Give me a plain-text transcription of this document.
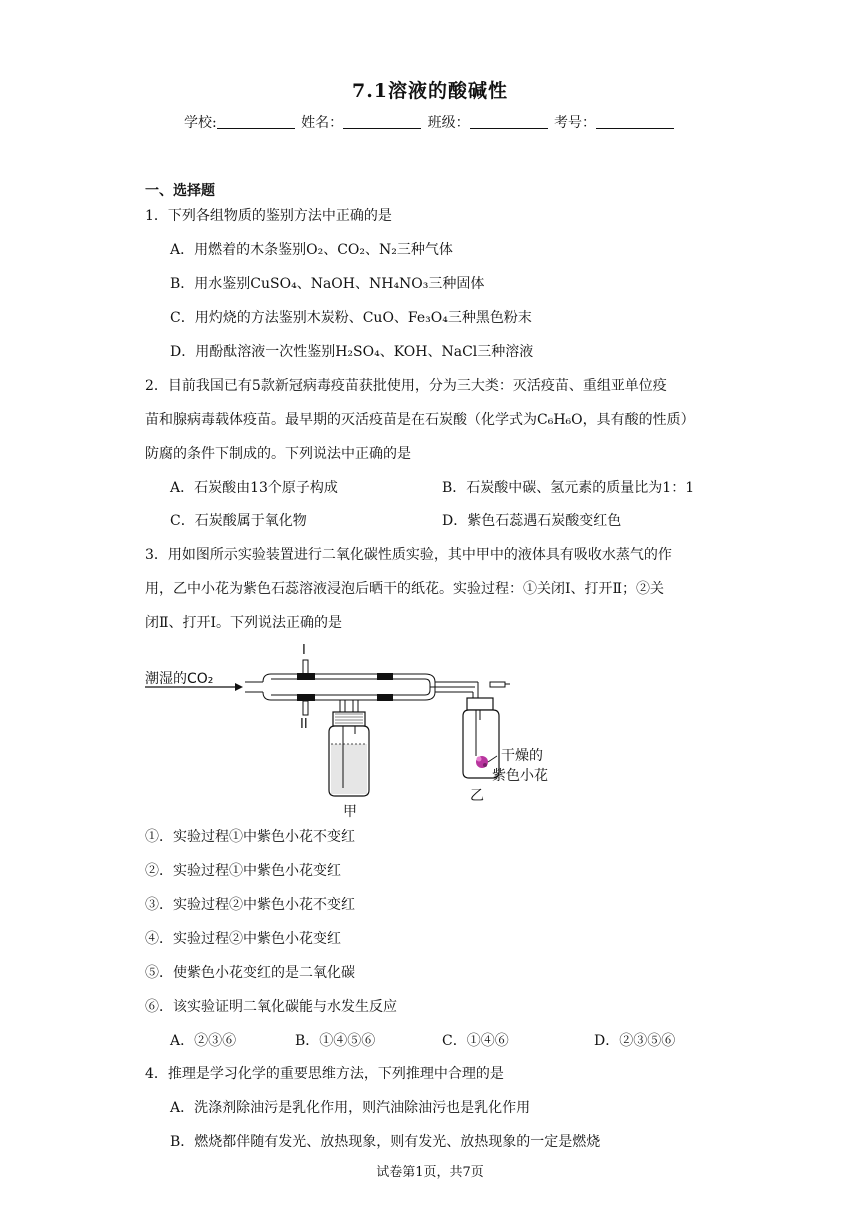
7.1溶液的酸碱性
学校:	姓名：	班级：	考号：
一、选择题
1．下列各组物质的鉴别方法中正确的是
A．用燃着的木条鉴别O₂、CO₂、N₂三种气体
B．用水鉴别CuSO₄、NaOH、NH₄NO₃三种固体
C．用灼烧的方法鉴别木炭粉、CuO、Fe₃O₄三种黑色粉末
D．用酚酞溶液一次性鉴别H₂SO₄、KOH、NaCl三种溶液
2．目前我国已有5款新冠病毒疫苗获批使用，分为三大类：灭活疫苗、重组亚单位疫
苗和腺病毒载体疫苗。最早期的灭活疫苗是在石炭酸（化学式为C₆H₆O，具有酸的性质）
防腐的条件下制成的。下列说法中正确的是
A．石炭酸由13个原子构成	B．石炭酸中碳、氢元素的质量比为1：1
C．石炭酸属于氧化物	D．紫色石蕊遇石炭酸变红色
3．用如图所示实验装置进行二氧化碳性质实验，其中甲中的液体具有吸收水蒸气的作
用，乙中小花为紫色石蕊溶液浸泡后晒干的纸花。实验过程：①关闭Ⅰ、打开Ⅱ；②关
闭Ⅱ、打开Ⅰ。下列说法正确的是
潮湿的CO₂
I
II
甲
干燥的
紫色小花
乙
①．实验过程①中紫色小花不变红
②．实验过程①中紫色小花变红
③．实验过程②中紫色小花不变红
④．实验过程②中紫色小花变红
⑤．使紫色小花变红的是二氧化碳
⑥．该实验证明二氧化碳能与水发生反应
A．②③⑥	B．①④⑤⑥	C．①④⑥	D．②③⑤⑥
4．推理是学习化学的重要思维方法，下列推理中合理的是
A．洗涤剂除油污是乳化作用，则汽油除油污也是乳化作用
B．燃烧都伴随有发光、放热现象，则有发光、放热现象的一定是燃烧
试卷第1页，共7页
